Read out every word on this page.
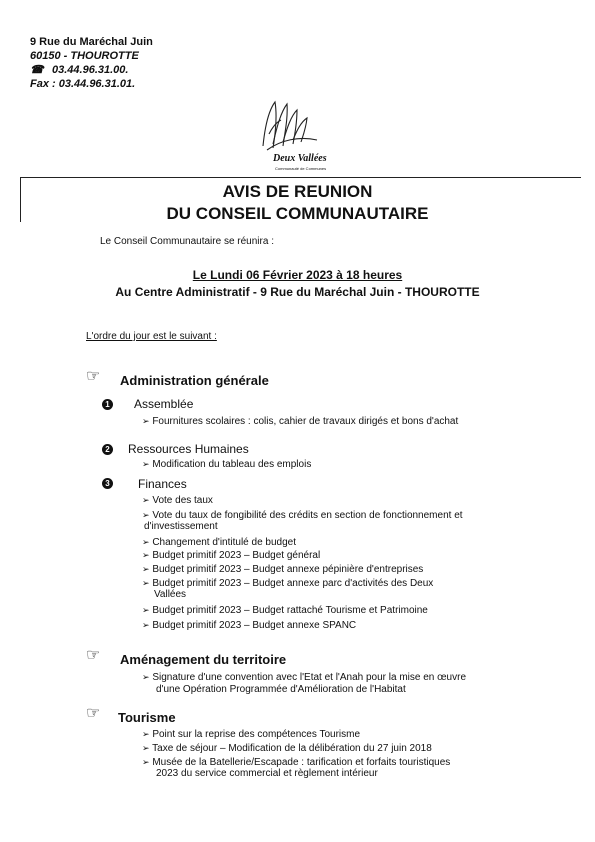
9 Rue du Maréchal Juin
60150 - THOUROTTE
☎ 03.44.96.31.00.
Fax : 03.44.96.31.01.
Deux Vallées
Communauté de Communes
AVIS DE REUNION
DU CONSEIL COMMUNAUTAIRE
Le Conseil Communautaire se réunira :
Le Lundi 06 Février 2023 à 18 heures
Au Centre Administratif - 9 Rue du Maréchal Juin - THOUROTTE
L'ordre du jour est le suivant :
☞ Administration générale
1 Assemblée
➢ Fournitures scolaires : colis, cahier de travaux dirigés et bons d'achat
2 Ressources Humaines
➢ Modification du tableau des emplois
3 Finances
➢ Vote des taux
➢ Vote du taux de fongibilité des crédits en section de fonctionnement et
d'investissement
➢ Changement d'intitulé de budget
➢ Budget primitif 2023 – Budget général
➢ Budget primitif 2023 – Budget annexe pépinière d'entreprises
➢ Budget primitif 2023 – Budget annexe parc d'activités des Deux
Vallées
➢ Budget primitif 2023 – Budget rattaché Tourisme et Patrimoine
➢ Budget primitif 2023 – Budget annexe SPANC
☞ Aménagement du territoire
➢ Signature d'une convention avec l'Etat et l'Anah pour la mise en œuvre
d'une Opération Programmée d'Amélioration de l'Habitat
☞ Tourisme
➢ Point sur la reprise des compétences Tourisme
➢ Taxe de séjour – Modification de la délibération du 27 juin 2018
➢ Musée de la Batellerie/Escapade : tarification et forfaits touristiques
2023 du service commercial et règlement intérieur
